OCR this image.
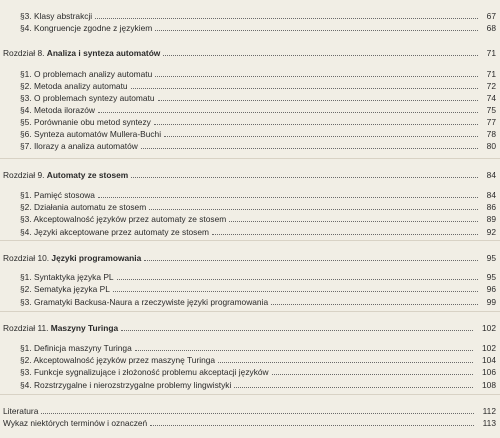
§3. Klasy abstrakcji	67
§4. Kongruencje zgodne z językiem	68
Rozdział 8. Analiza i synteza automatów	71
§1. O problemach analizy automatu	71
§2. Metoda analizy automatu	72
§3. O problemach syntezy automatu	74
§4. Metoda ilorazów	75
§5. Porównanie obu metod syntezy	77
§6. Synteza automatów Mullera-Buchi	78
§7. Ilorazy a analiza automatów	80
Rozdział 9. Automaty ze stosem	84
§1. Pamięć stosowa	84
§2. Działania automatu ze stosem	86
§3. Akceptowalność języków przez automaty ze stosem	89
§4. Języki akceptowane przez automaty ze stosem	92
Rozdział 10. Języki programowania	95
§1. Syntaktyka języka PL	95
§2. Sematyka języka PL	96
§3. Gramatyki Backusa-Naura a rzeczywiste języki programowania	99
Rozdział 11. Maszyny Turinga	102
§1. Definicja maszyny Turinga	102
§2. Akceptowalność języków przez maszynę Turinga	104
§3. Funkcje sygnalizujące i złożoność problemu akceptacji języków	106
§4. Rozstrzygalne i nierozstrzygalne problemy lingwistyki	108
Literatura	112
Wykaz niektórych terminów i oznaczeń	113
